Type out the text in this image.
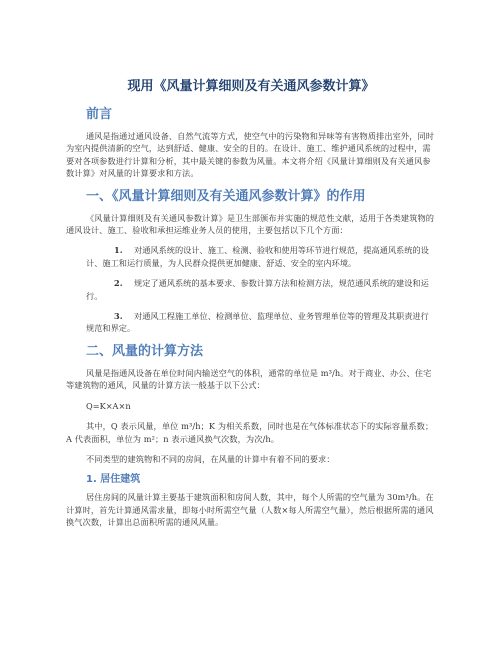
现用《风量计算细则及有关通风参数计算》
前言
通风是指通过通风设备、自然气流等方式，使空气中的污染物和异味等有害物质排出室外，同时为室内提供清新的空气，达到舒适、健康、安全的目的。在设计、施工、维护通风系统的过程中，需要对各项参数进行计算和分析，其中最关键的参数为风量。本文将介绍《风量计算细则及有关通风参数计算》对风量的计算要求和方法。
一、《风量计算细则及有关通风参数计算》的作用
《风量计算细则及有关通风参数计算》是卫生部颁布并实施的规范性文献，适用于各类建筑物的通风设计、施工、验收和承担运维业务人员的使用，主要包括以下几个方面：
1. 对通风系统的设计、施工、检测、验收和使用等环节进行规范，提高通风系统的设计、施工和运行质量，为人民群众提供更加健康、舒适、安全的室内环境。
2. 规定了通风系统的基本要求、参数计算方法和检测方法，规范通风系统的建设和运行。
3. 对通风工程施工单位、检测单位、监理单位、业务管理单位等的管理及其职责进行规范和界定。
二、风量的计算方法
风量是指通风设备在单位时间内输送空气的体积，通常的单位是 m³/h。对于商业、办公、住宅等建筑物的通风，风量的计算方法一般基于以下公式：
Q=K×A×n
其中，Q 表示风量，单位 m³/h；K 为相关系数，同时也是在气体标准状态下的实际容量系数；A 代表面积，单位为 m²；n 表示通风换气次数，为次/h。
不同类型的建筑物和不同的房间，在风量的计算中有着不同的要求：
1. 居住建筑
居住房间的风量计算主要基于建筑面积和房间人数，其中，每个人所需的空气量为 30m³/h。在计算时，首先计算通风需求量，即每小时所需空气量（人数×每人所需空气量），然后根据所需的通风换气次数，计算出总面积所需的通风风量。
